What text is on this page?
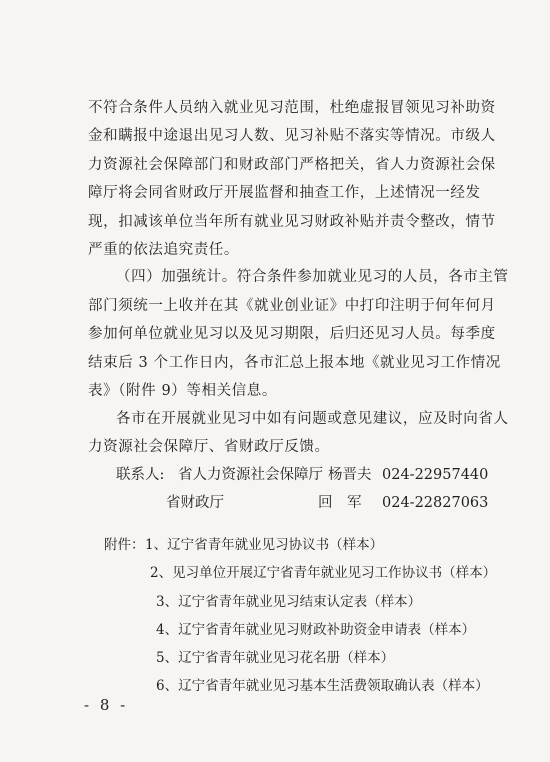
不符合条件人员纳入就业见习范围，杜绝虚报冒领见习补助资
金和瞒报中途退出见习人数、见习补贴不落实等情况。市级人
力资源社会保障部门和财政部门严格把关，省人力资源社会保
障厅将会同省财政厅开展监督和抽查工作，上述情况一经发
现，扣减该单位当年所有就业见习财政补贴并责令整改，情节
严重的依法追究责任。
（四）加强统计。符合条件参加就业见习的人员，各市主管
部门须统一上收并在其《就业创业证》中打印注明于何年何月
参加何单位就业见习以及见习期限，后归还见习人员。每季度
结束后 3 个工作日内，各市汇总上报本地《就业见习工作情况
表》（附件 9）等相关信息。
各市在开展就业见习中如有问题或意见建议，应及时向省人
力资源社会保障厅、省财政厅反馈。
联系人: 省人力资源社会保障厅 杨晋夫 024-22957440
省财政厅	回　军 024-22827063
附件： 1、辽宁省青年就业见习协议书（样本）
2、见习单位开展辽宁省青年就业见习工作协议书（样本）
3、辽宁省青年就业见习结束认定表（样本）
4、辽宁省青年就业见习财政补助资金申请表（样本）
5、辽宁省青年就业见习花名册（样本）
6、辽宁省青年就业见习基本生活费领取确认表（样本）
- 8 -
